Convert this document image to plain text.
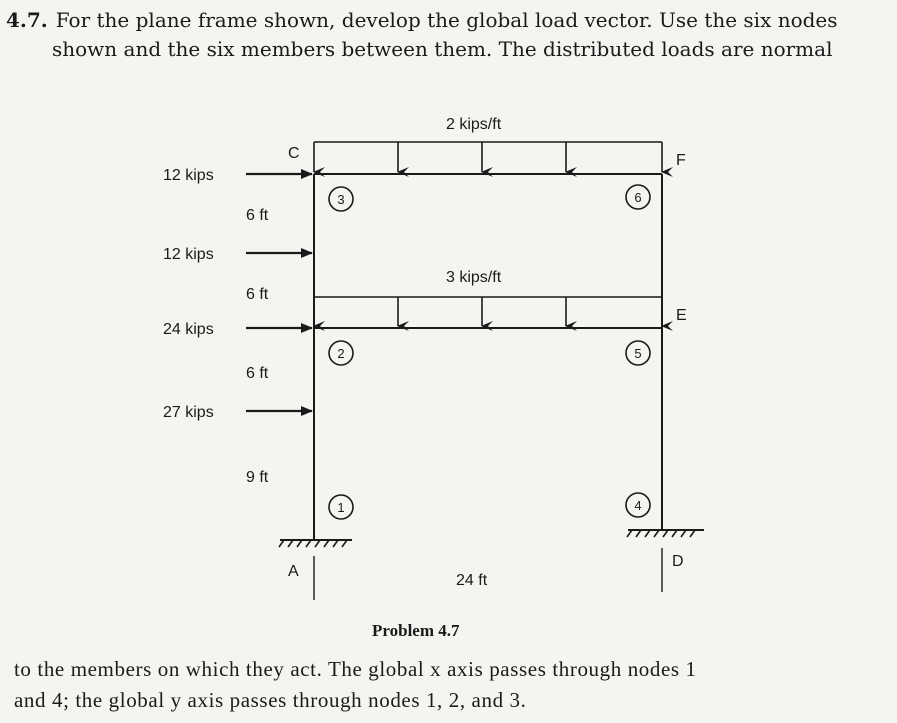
4.7. For the plane frame shown, develop the global load vector. Use the six nodes
shown and the six members between them. The distributed loads are normal
1
2
3
4
5
6
2 kips/ft
3 kips/ft
12 kips
12 kips
24 kips
27 kips
6 ft
6 ft
6 ft
9 ft
24 ft
C	F
E
A
D
Problem 4.7
to the members on which they act. The global x axis passes through nodes 1
and 4; the global y axis passes through nodes 1, 2, and 3.
